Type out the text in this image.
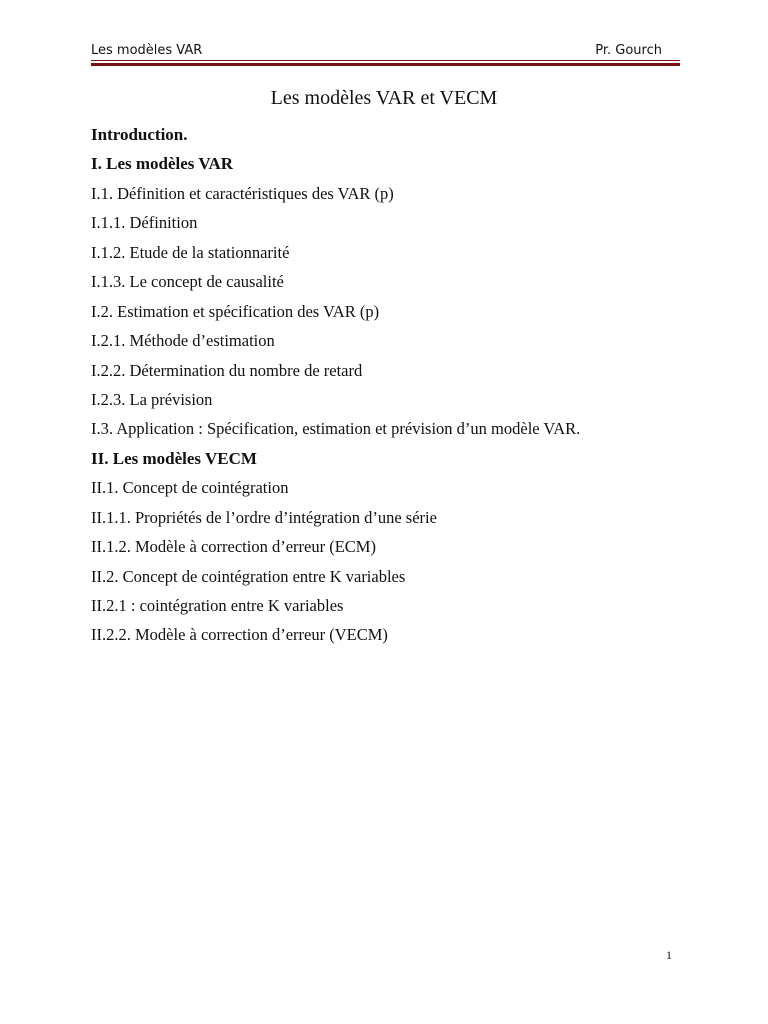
Les modèles VAR	Pr. Gourch
Les modèles VAR et VECM
Introduction.
I. Les modèles VAR
I.1. Définition et caractéristiques des VAR (p)
I.1.1. Définition
I.1.2. Etude de la stationnarité
I.1.3. Le concept de causalité
I.2. Estimation et spécification des VAR (p)
I.2.1. Méthode d’estimation
I.2.2. Détermination du nombre de retard
I.2.3. La prévision
I.3. Application : Spécification, estimation et prévision d’un modèle VAR.
II. Les modèles VECM
II.1. Concept de cointégration
II.1.1. Propriétés de l’ordre d’intégration d’une série
II.1.2. Modèle à correction d’erreur (ECM)
II.2. Concept de cointégration entre K variables
II.2.1 : cointégration entre K variables
II.2.2. Modèle à correction d’erreur (VECM)
1
